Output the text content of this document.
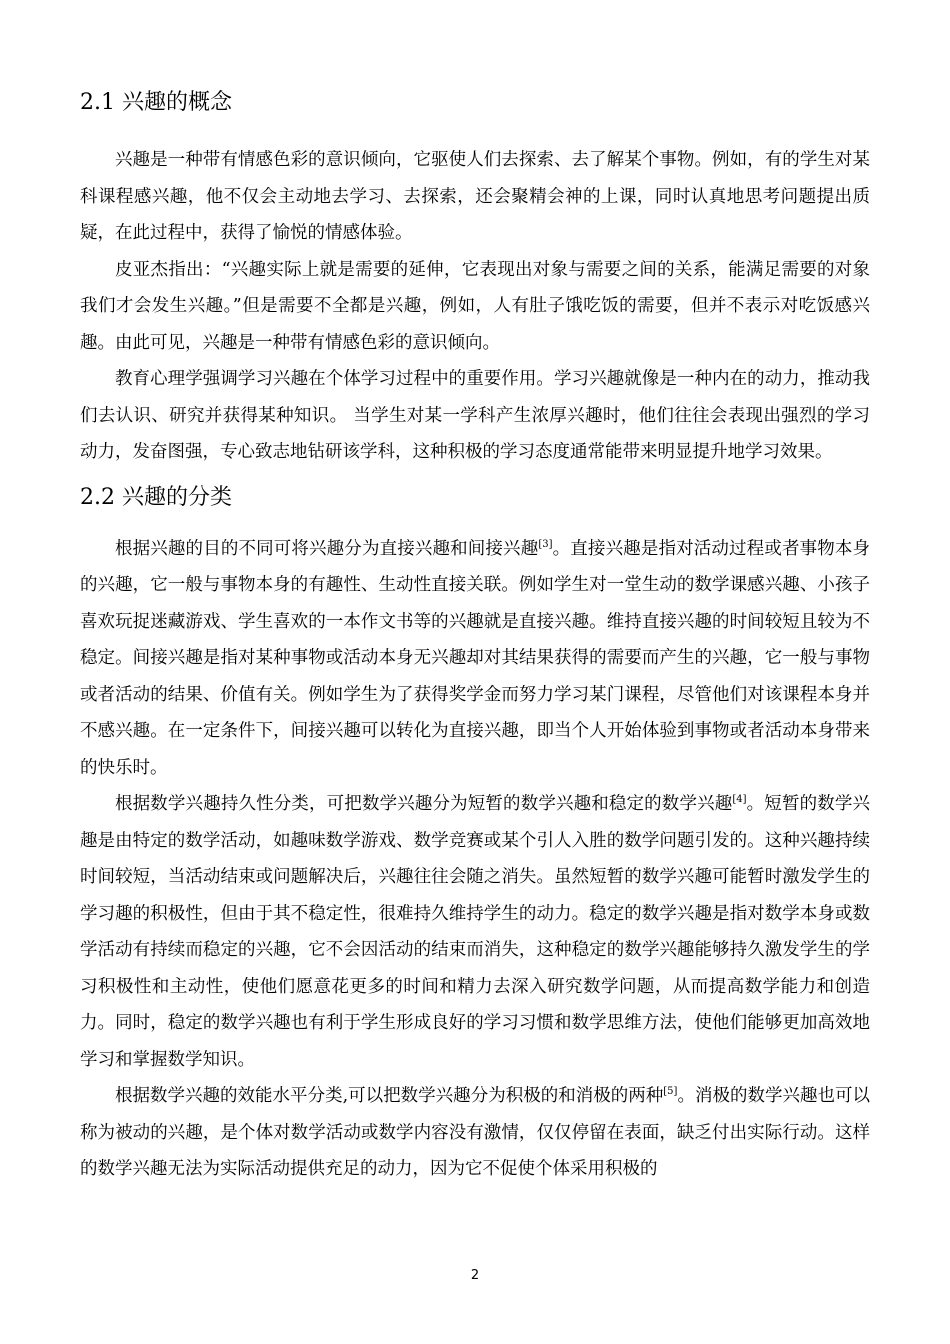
2.1 兴趣的概念

兴趣是一种带有情感色彩的意识倾向，它驱使人们去探索、去了解某个事物。例如，有的学生对某科课程感兴趣，他不仅会主动地去学习、去探索，还会聚精会神的上课，同时认真地思考问题提出质疑，在此过程中，获得了愉悦的情感体验。

皮亚杰指出：“兴趣实际上就是需要的延伸，它表现出对象与需要之间的关系，能满足需要的对象我们才会发生兴趣。”但是需要不全都是兴趣，例如，人有肚子饿吃饭的需要，但并不表示对吃饭感兴趣。由此可见，兴趣是一种带有情感色彩的意识倾向。

教育心理学强调学习兴趣在个体学习过程中的重要作用。学习兴趣就像是一种内在的动力，推动我们去认识、研究并获得某种知识。 当学生对某一学科产生浓厚兴趣时，他们往往会表现出强烈的学习动力，发奋图强，专心致志地钻研该学科，这种积极的学习态度通常能带来明显提升地学习效果。

2.2 兴趣的分类

根据兴趣的目的不同可将兴趣分为直接兴趣和间接兴趣[3]。直接兴趣是指对活动过程或者事物本身的兴趣，它一般与事物本身的有趣性、生动性直接关联。例如学生对一堂生动的数学课感兴趣、小孩子喜欢玩捉迷藏游戏、学生喜欢的一本作文书等的兴趣就是直接兴趣。维持直接兴趣的时间较短且较为不稳定。间接兴趣是指对某种事物或活动本身无兴趣却对其结果获得的需要而产生的兴趣，它一般与事物或者活动的结果、价值有关。例如学生为了获得奖学金而努力学习某门课程，尽管他们对该课程本身并不感兴趣。在一定条件下，间接兴趣可以转化为直接兴趣，即当个人开始体验到事物或者活动本身带来的快乐时。

根据数学兴趣持久性分类，可把数学兴趣分为短暂的数学兴趣和稳定的数学兴趣[4]。短暂的数学兴趣是由特定的数学活动，如趣味数学游戏、数学竞赛或某个引人入胜的数学问题引发的。这种兴趣持续时间较短，当活动结束或问题解决后，兴趣往往会随之消失。虽然短暂的数学兴趣可能暂时激发学生的学习趣的积极性，但由于其不稳定性，很难持久维持学生的动力。稳定的数学兴趣是指对数学本身或数学活动有持续而稳定的兴趣，它不会因活动的结束而消失，这种稳定的数学兴趣能够持久激发学生的学习积极性和主动性，使他们愿意花更多的时间和精力去深入研究数学问题，从而提高数学能力和创造力。同时，稳定的数学兴趣也有利于学生形成良好的学习习惯和数学思维方法，使他们能够更加高效地学习和掌握数学知识。

根据数学兴趣的效能水平分类,可以把数学兴趣分为积极的和消极的两种[5]。消极的数学兴趣也可以称为被动的兴趣，是个体对数学活动或数学内容没有激情，仅仅停留在表面，缺乏付出实际行动。这样的数学兴趣无法为实际活动提供充足的动力，因为它不促使个体采用积极的

2
